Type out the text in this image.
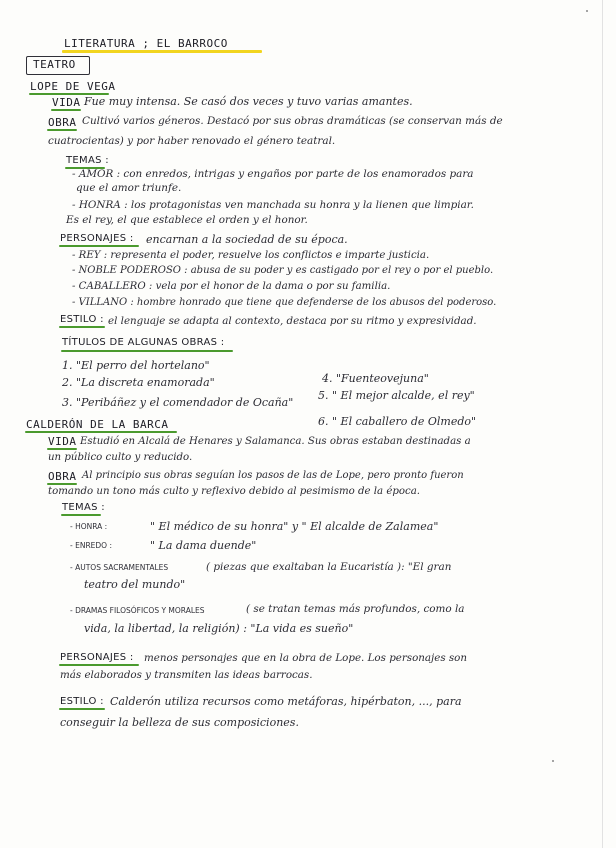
LITERATURA ; EL BARROCO
TEATRO
LOPE DE VEGA
VIDA Fue muy intensa. Se casó dos veces y tuvo varias amantes.
OBRA Cultivó varios géneros. Destacó por sus obras dramáticas (se conservan más de
cuatrocientas) y por haber renovado el género teatral.
TEMAS :
- AMOR : con enredos, intrigas y engaños por parte de los enamorados para
que el amor triunfe.
- HONRA : los protagonistas ven manchada su honra y la lienen que limpiar.
Es el rey, el que establece el orden y el honor.
PERSONAJES : encarnan a la sociedad de su época.
- REY : representa el poder, resuelve los conflictos e imparte justicia.
- NOBLE PODEROSO : abusa de su poder y es castigado por el rey o por el pueblo.
- CABALLERO : vela por el honor de la dama o por su familia.
- VILLANO : hombre honrado que tiene que defenderse de los abusos del poderoso.
ESTILO : el lenguaje se adapta al contexto, destaca por su ritmo y expresividad.
TÍTULOS DE ALGUNAS OBRAS :
1. "El perro del hortelano"
2. "La discreta enamorada"
3. "Peribáñez y el comendador de Ocaña"
4. "Fuenteovejuna"
5. " El mejor alcalde, el rey"
6. " El caballero de Olmedo"
CALDERÓN DE LA BARCA
VIDA Estudió en Alcalá de Henares y Salamanca. Sus obras estaban destinadas a
un público culto y reducido.
OBRA Al principio sus obras seguían los pasos de las de Lope, pero pronto fueron
tomando un tono más culto y reflexivo debido al pesimismo de la época.
TEMAS :
- HONRA :	" El médico de su honra" y " El alcalde de Zalamea"
- ENREDO :	" La dama duende"
- AUTOS SACRAMENTALES	( piezas que exaltaban la Eucaristía ): "El gran
teatro del mundo"
- DRAMAS FILOSÓFICOS Y MORALES	( se tratan temas más profundos, como la
vida, la libertad, la religión) : "La vida es sueño"
PERSONAJES : menos personajes que en la obra de Lope. Los personajes son
más elaborados y transmiten las ideas barrocas.
ESTILO : Calderón utiliza recursos como metáforas, hipérbaton, ..., para
conseguir la belleza de sus composiciones.
